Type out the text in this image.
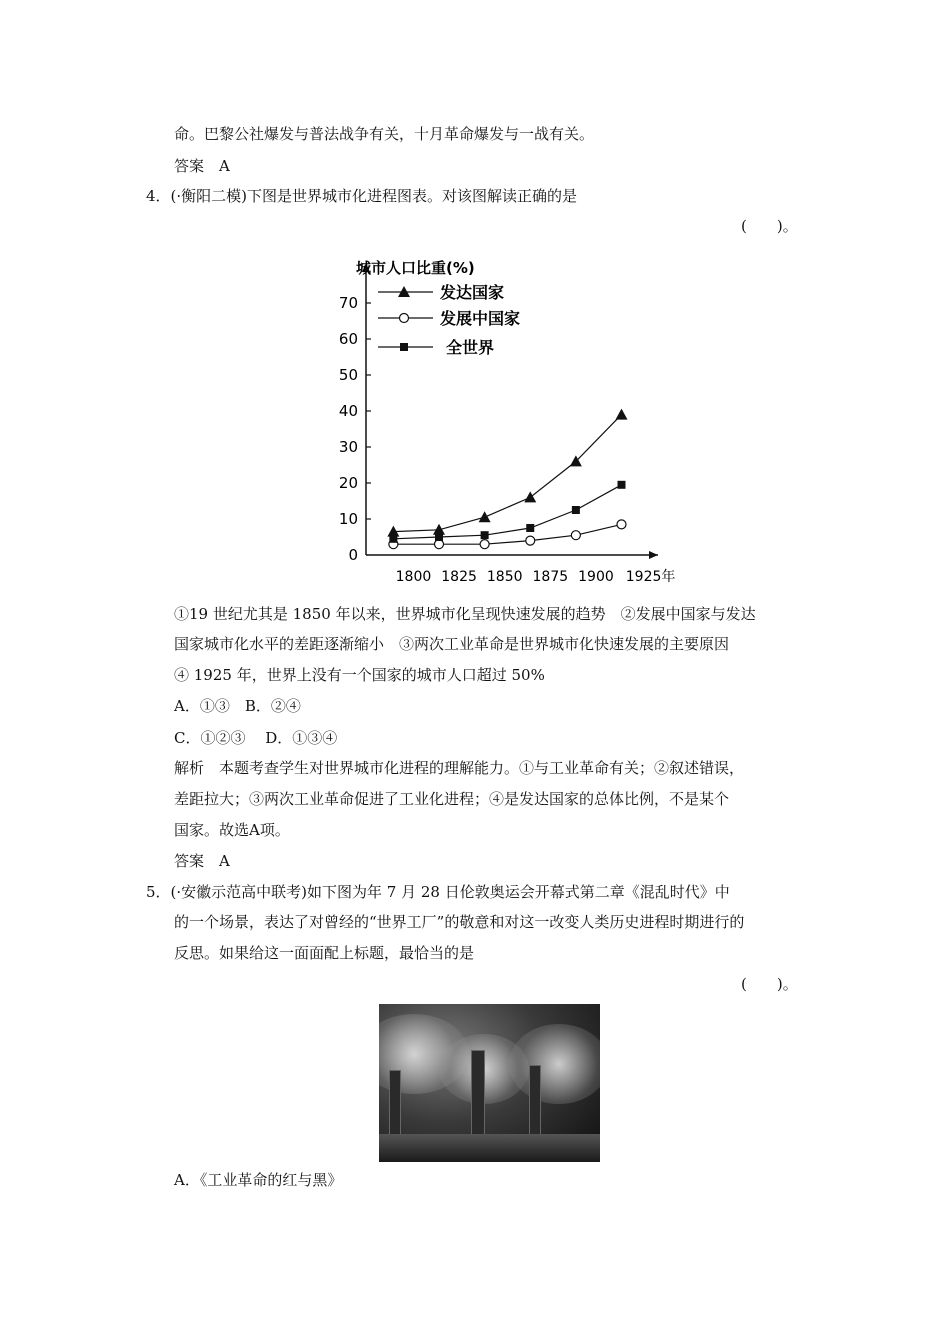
命。巴黎公社爆发与普法战争有关，十月革命爆发与一战有关。
答案　A
4．(·衡阳二模)下图是世界城市化进程图表。对该图解读正确的是
(　　)。
城市人口比重(%)
0
10
20
30
40
50
60
70
1800 1825 1850 1875 1900 1925年
发达国家
发展中国家
全世界
①19 世纪尤其是 1850 年以来，世界城市化呈现快速发展的趋势　②发展中国家与发达
国家城市化水平的差距逐渐缩小　③两次工业革命是世界城市化快速发展的主要原因
④ 1925 年，世界上没有一个国家的城市人口超过 50%
A．①③　B．②④
C．①②③　 D．①③④
解析　本题考查学生对世界城市化进程的理解能力。①与工业革命有关；②叙述错误，
差距拉大；③两次工业革命促进了工业化进程；④是发达国家的总体比例，不是某个
国家。故选A项。
答案　A
5．(·安徽示范高中联考)如下图为年 7 月 28 日伦敦奥运会开幕式第二章《混乱时代》中
的一个场景，表达了对曾经的“世界工厂”的敬意和对这一改变人类历史进程时期进行的
反思。如果给这一面面配上标题，最恰当的是
(　　)。
A．《工业革命的红与黑》
